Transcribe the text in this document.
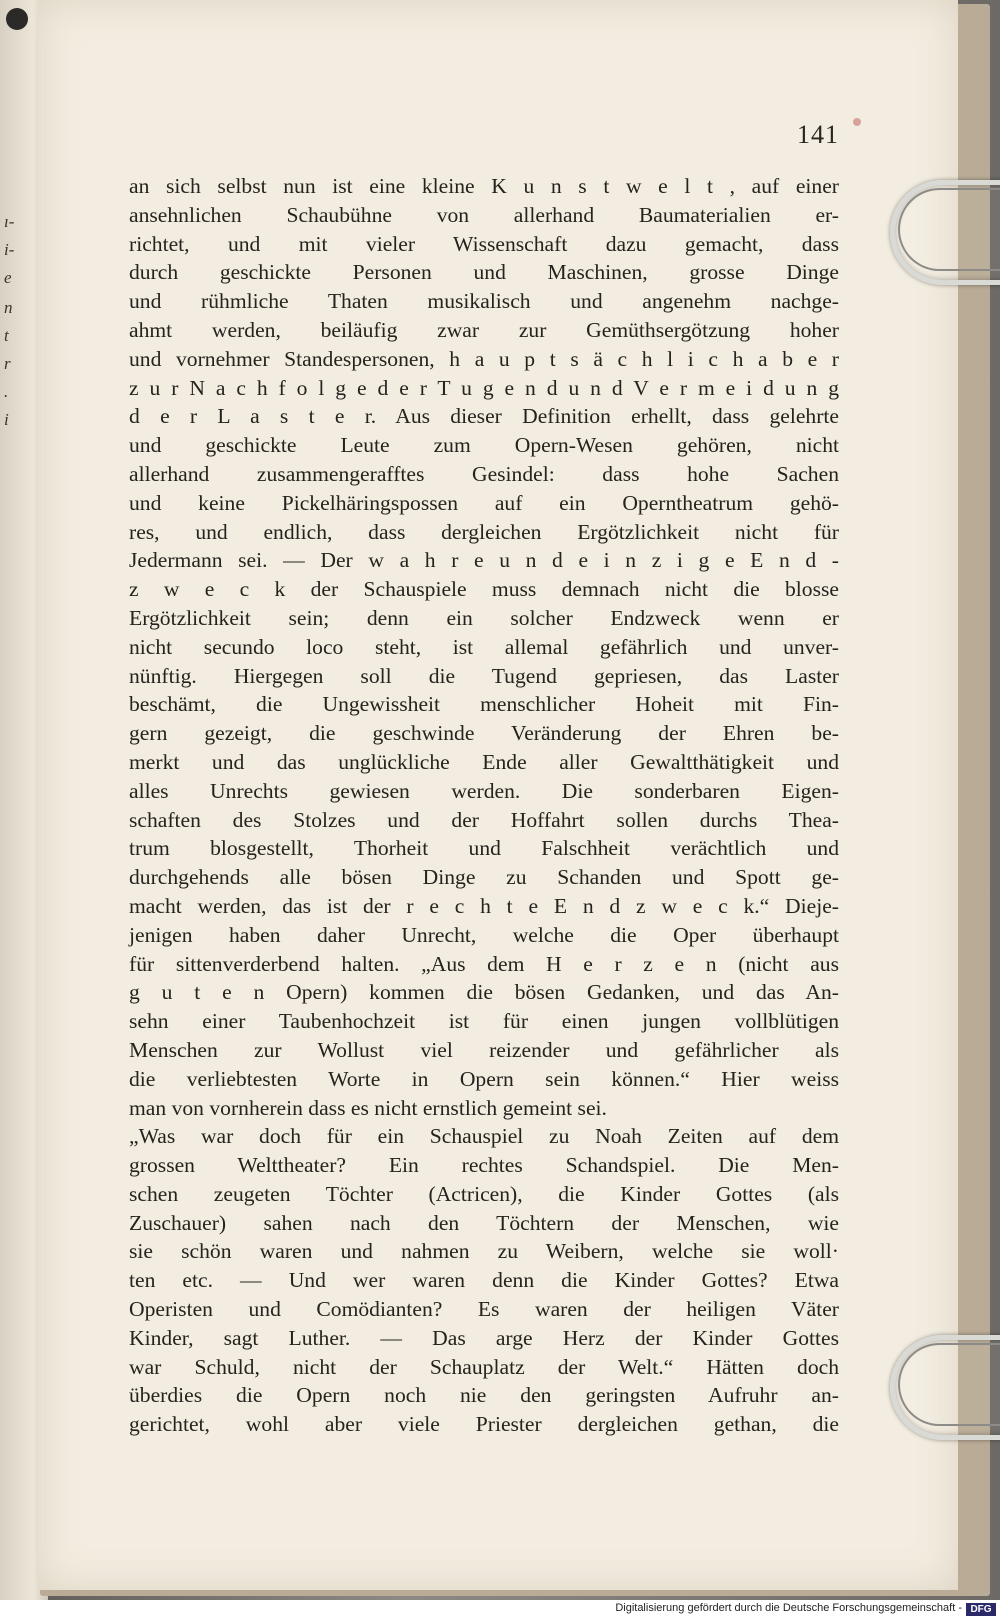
ı-
i-
e
n
t
r
.
i
141
an sich selbst nun ist eine kleine K u n s t w e l t , auf einer
ansehnlichen Schaubühne von allerhand Baumaterialien er-
richtet, und mit vieler Wissenschaft dazu gemacht, dass
durch geschickte Personen und Maschinen, grosse Dinge
und rühmliche Thaten musikalisch und angenehm nachge-
ahmt werden, beiläufig zwar zur Gemüthsergötzung hoher
und vornehmer Standespersonen, h a u p t s ä c h l i c h a b e r
z u r N a c h f o l g e d e r T u g e n d u n d V e r m e i d u n g
d e r L a s t e r. Aus dieser Definition erhellt, dass gelehrte
und geschickte Leute zum Opern-Wesen gehören, nicht
allerhand zusammengerafftes Gesindel: dass hohe Sachen
und keine Pickelhäringspossen auf ein Operntheatrum gehö-
res, und endlich, dass dergleichen Ergötzlichkeit nicht für
Jedermann sei. — Der w a h r e u n d e i n z i g e E n d -
z w e c k der Schauspiele muss demnach nicht die blosse
Ergötzlichkeit sein; denn ein solcher Endzweck wenn er
nicht secundo loco steht, ist allemal gefährlich und unver-
nünftig. Hiergegen soll die Tugend gepriesen, das Laster
beschämt, die Ungewissheit menschlicher Hoheit mit Fin-
gern gezeigt, die geschwinde Veränderung der Ehren be-
merkt und das unglückliche Ende aller Gewaltthätigkeit und
alles Unrechts gewiesen werden. Die sonderbaren Eigen-
schaften des Stolzes und der Hoffahrt sollen durchs Thea-
trum blosgestellt, Thorheit und Falschheit verächtlich und
durchgehends alle bösen Dinge zu Schanden und Spott ge-
macht werden, das ist der r e c h t e E n d z w e c k.“ Dieje-
jenigen haben daher Unrecht, welche die Oper überhaupt
für sittenverderbend halten. „Aus dem H e r z e n (nicht aus
g u t e n Opern) kommen die bösen Gedanken, und das An-
sehn einer Taubenhochzeit ist für einen jungen vollblütigen
Menschen zur Wollust viel reizender und gefährlicher als
die verliebtesten Worte in Opern sein können.“ Hier weiss
man von vornherein dass es nicht ernstlich gemeint sei.
„Was war doch für ein Schauspiel zu Noah Zeiten auf dem
grossen Welttheater? Ein rechtes Schandspiel. Die Men-
schen zeugeten Töchter (Actricen), die Kinder Gottes (als
Zuschauer) sahen nach den Töchtern der Menschen, wie
sie schön waren und nahmen zu Weibern, welche sie woll·
ten etc. — Und wer waren denn die Kinder Gottes? Etwa
Operisten und Comödianten? Es waren der heiligen Väter
Kinder, sagt Luther. — Das arge Herz der Kinder Gottes
war Schuld, nicht der Schauplatz der Welt.“ Hätten doch
überdies die Opern noch nie den geringsten Aufruhr an-
gerichtet, wohl aber viele Priester dergleichen gethan, die
Digitalisierung gefördert durch die Deutsche Forschungsgemeinschaft - DFG
